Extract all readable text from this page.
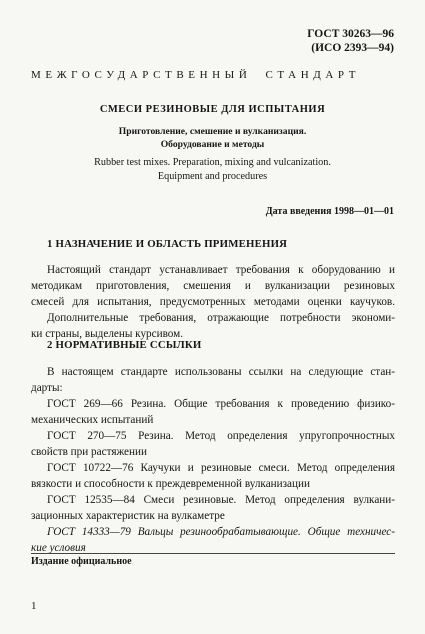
ГОСТ 30263—96
(ИСО 2393—94)
МЕЖГОСУДАРСТВЕННЫЙ СТАНДАРТ
СМЕСИ РЕЗИНОВЫЕ ДЛЯ ИСПЫТАНИЯ
Приготовление, смешение и вулканизация.
Оборудование и методы
Rubber test mixes. Preparation, mixing and vulcanization.
Equipment and procedures
Дата введения 1998—01—01
1 НАЗНАЧЕНИЕ И ОБЛАСТЬ ПРИМЕНЕНИЯ
Настоящий стандарт устанавливает требования к оборудованию и
методикам приготовления, смешения и вулканизации резиновых
смесей для испытания, предусмотренных методами оценки каучуков.
Дополнительные требования, отражающие потребности экономи-
ки страны, выделены курсивом.
2 НОРМАТИВНЫЕ ССЫЛКИ
В настоящем стандарте использованы ссылки на следующие стан-
дарты:
ГОСТ 269—66 Резина. Общие требования к проведению физико-
механических испытаний
ГОСТ 270—75 Резина. Метод определения упругопрочностных
свойств при растяжении
ГОСТ 10722—76 Каучуки и резиновые смеси. Метод определения
вязкости и способности к преждевременной вулканизации
ГОСТ 12535—84 Смеси резиновые. Метод определения вулкани-
зационных характеристик на вулкаметре
ГОСТ 14333—79 Вальцы резинообрабатывающие. Общие техничес-
кие условия
Издание официальное
1
